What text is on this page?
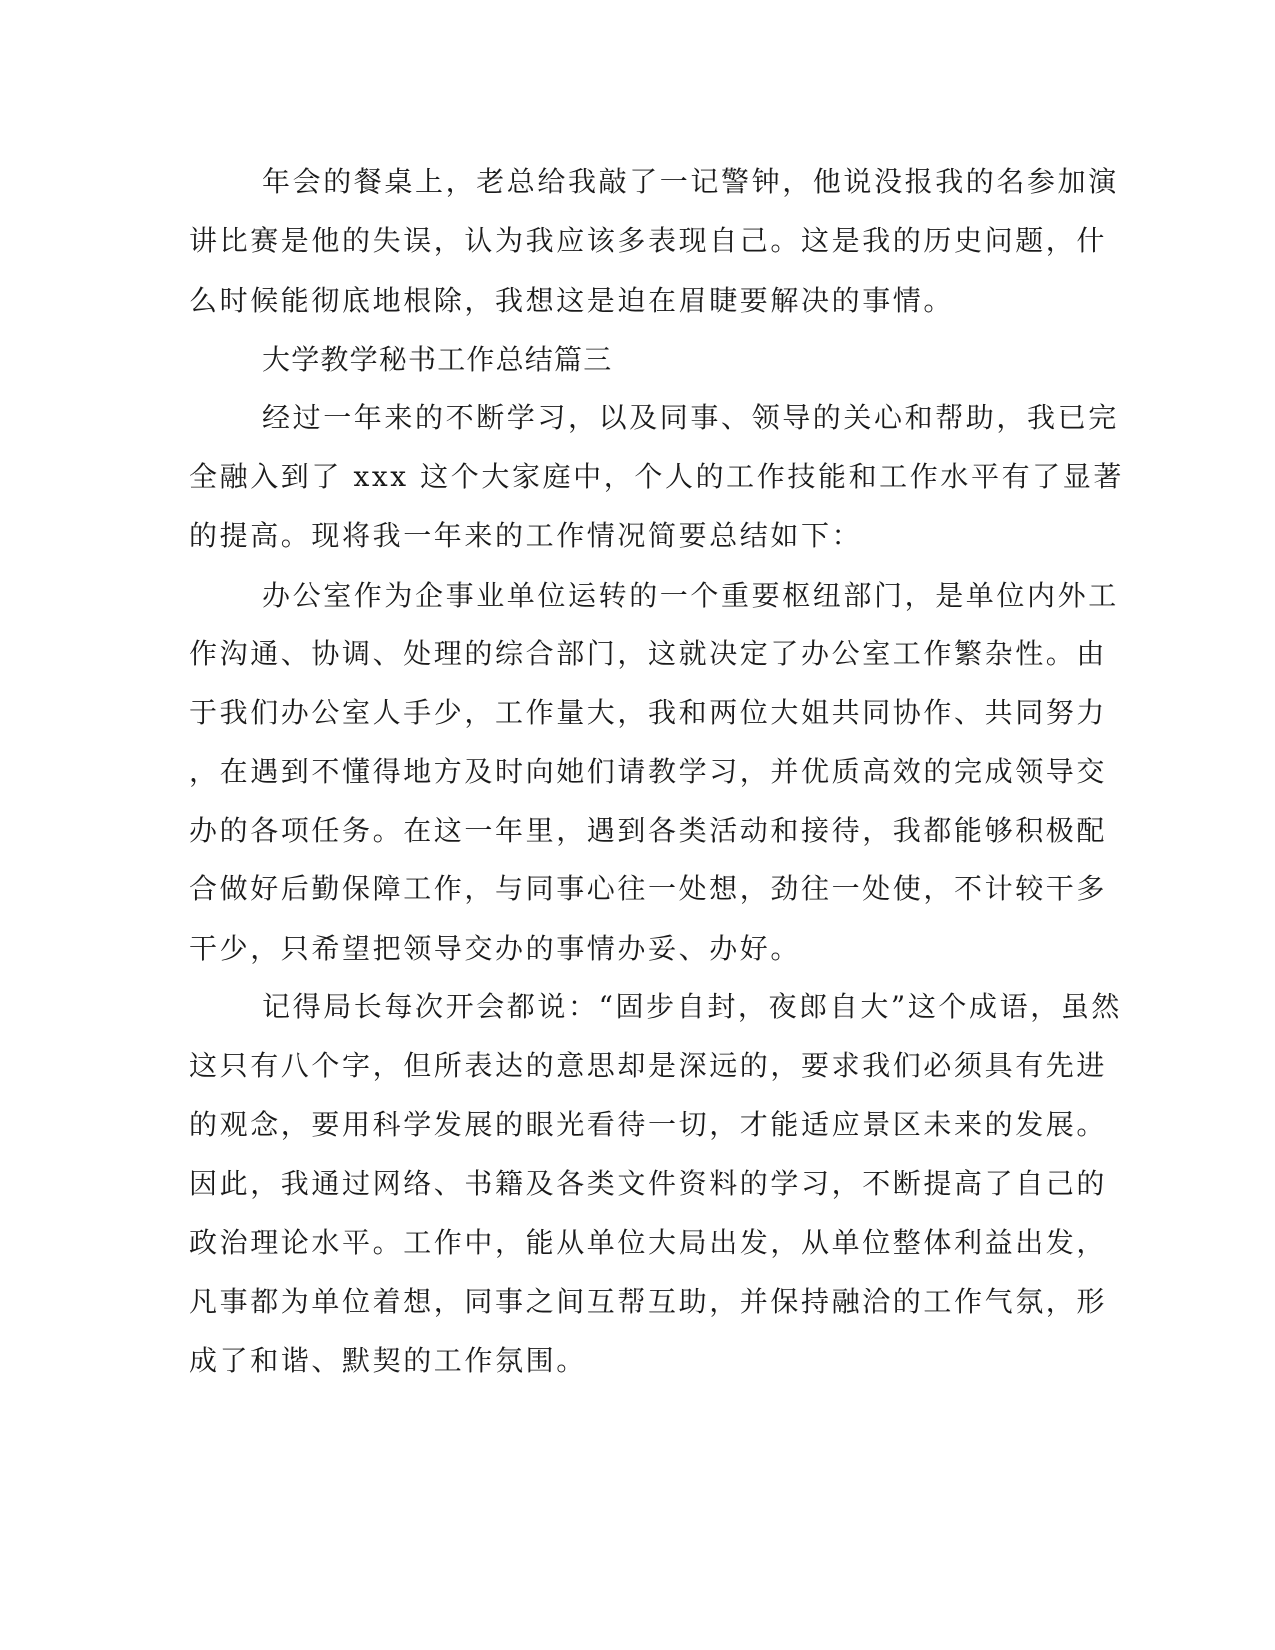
年会的餐桌上，老总给我敲了一记警钟，他说没报我的名参加演
讲比赛是他的失误，认为我应该多表现自己。这是我的历史问题，什
么时候能彻底地根除，我想这是迫在眉睫要解决的事情。
大学教学秘书工作总结篇三
经过一年来的不断学习，以及同事、领导的关心和帮助，我已完
全融入到了 xxx 这个大家庭中，个人的工作技能和工作水平有了显著
的提高。现将我一年来的工作情况简要总结如下：
办公室作为企事业单位运转的一个重要枢纽部门，是单位内外工
作沟通、协调、处理的综合部门，这就决定了办公室工作繁杂性。由
于我们办公室人手少，工作量大，我和两位大姐共同协作、共同努力
，在遇到不懂得地方及时向她们请教学习，并优质高效的完成领导交
办的各项任务。在这一年里，遇到各类活动和接待，我都能够积极配
合做好后勤保障工作，与同事心往一处想，劲往一处使，不计较干多
干少，只希望把领导交办的事情办妥、办好。
记得局长每次开会都说：“固步自封，夜郎自大”这个成语，虽然
这只有八个字，但所表达的意思却是深远的，要求我们必须具有先进
的观念，要用科学发展的眼光看待一切，才能适应景区未来的发展。
因此，我通过网络、书籍及各类文件资料的学习，不断提高了自己的
政治理论水平。工作中，能从单位大局出发，从单位整体利益出发，
凡事都为单位着想，同事之间互帮互助，并保持融洽的工作气氛，形
成了和谐、默契的工作氛围。
